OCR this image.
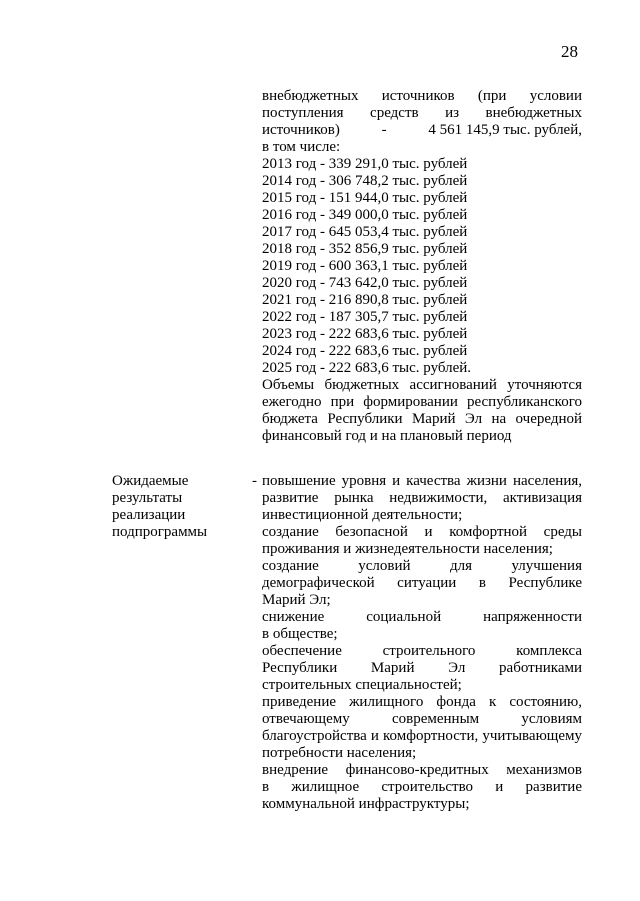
28
внебюджетных источников (при условии
поступления средств из внебюджетных
источников)	-	4 561 145,9 тыс. рублей,
в том числе:
2013 год - 339 291,0 тыс. рублей
2014 год - 306 748,2 тыс. рублей
2015 год - 151 944,0 тыс. рублей
2016 год - 349 000,0 тыс. рублей
2017 год - 645 053,4 тыс. рублей
2018 год - 352 856,9 тыс. рублей
2019 год - 600 363,1 тыс. рублей
2020 год - 743 642,0 тыс. рублей
2021 год - 216 890,8 тыс. рублей
2022 год - 187 305,7 тыс. рублей
2023 год - 222 683,6 тыс. рублей
2024 год - 222 683,6 тыс. рублей
2025 год - 222 683,6 тыс. рублей.
Объемы бюджетных ассигнований уточняются
ежегодно при формировании республиканского
бюджета Республики Марий Эл на очередной
финансовый год и на плановый период
Ожидаемые
результаты
реализации
подпрограммы
- повышение уровня и качества жизни населения,
развитие рынка недвижимости, активизация
инвестиционной деятельности;
создание безопасной и комфортной среды
проживания и жизнедеятельности населения;
создание условий для улучшения
демографической ситуации в Республике
Марий Эл;
снижение социальной напряженности
в обществе;
обеспечение строительного комплекса
Республики Марий Эл работниками
строительных специальностей;
приведение жилищного фонда к состоянию,
отвечающему современным условиям
благоустройства и комфортности, учитывающему
потребности населения;
внедрение финансово-кредитных механизмов
в жилищное строительство и развитие
коммунальной инфраструктуры;
